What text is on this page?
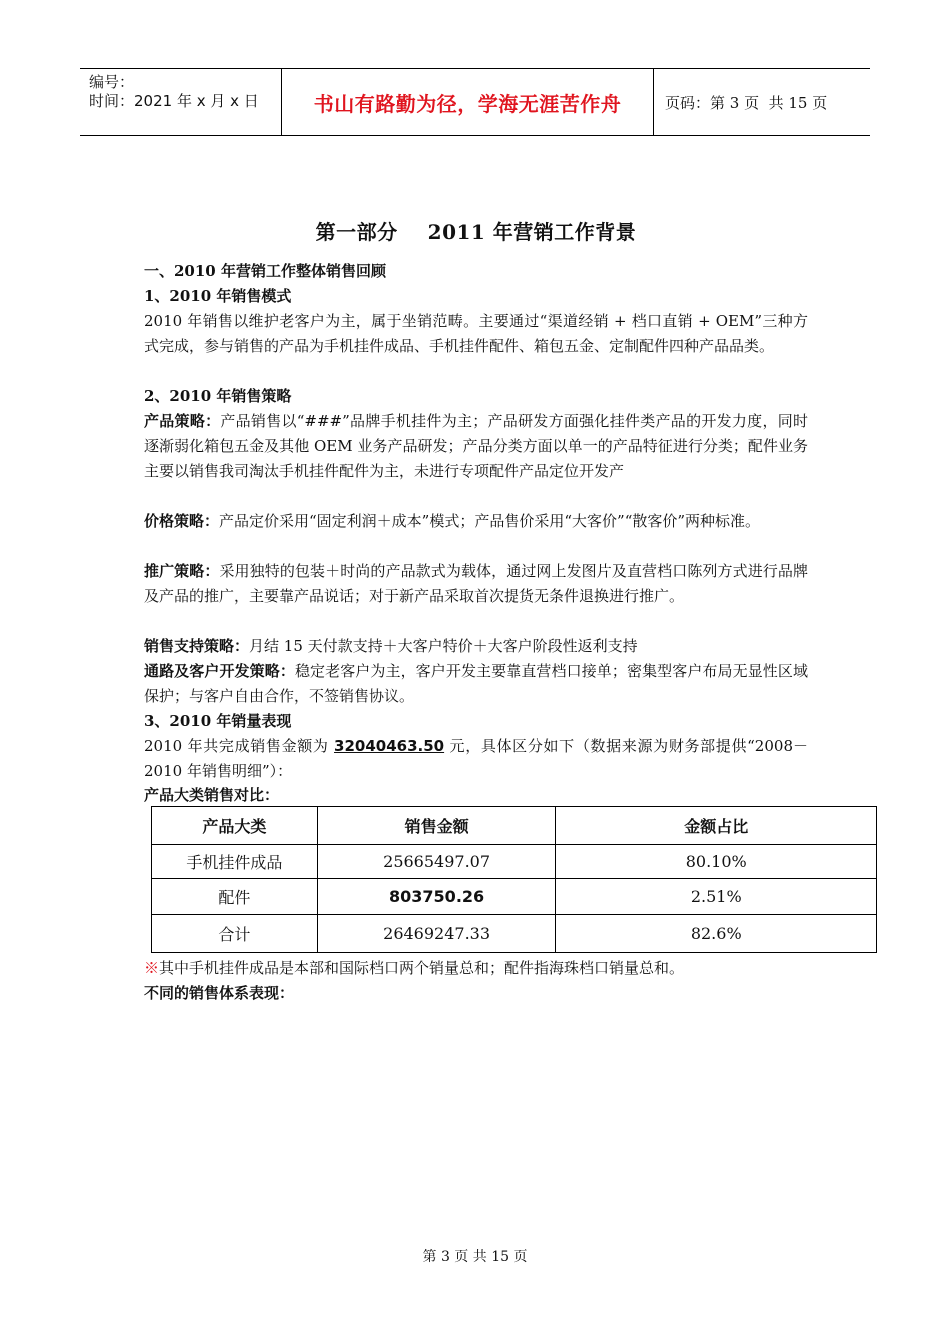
编号：
时间：2021 年 x 月 x 日	书山有路勤为径，学海无涯苦作舟	页码：第 3 页  共 15 页
第一部分 2011 年营销工作背景
一、2010 年营销工作整体销售回顾
1、2010 年销售模式
2010 年销售以维护老客户为主，属于坐销范畴。主要通过“渠道经销 + 档口直销 + OEM”三种方式完成，参与销售的产品为手机挂件成品、手机挂件配件、箱包五金、定制配件四种产品品类。
2、2010 年销售策略
产品策略：产品销售以“###”品牌手机挂件为主；产品研发方面强化挂件类产品的开发力度，同时逐渐弱化箱包五金及其他 OEM 业务产品研发；产品分类方面以单一的产品特征进行分类；配件业务主要以销售我司淘汰手机挂件配件为主，未进行专项配件产品定位开发产
价格策略：产品定价采用“固定利润＋成本”模式；产品售价采用“大客价”“散客价”两种标准。
推广策略：采用独特的包装＋时尚的产品款式为载体，通过网上发图片及直营档口陈列方式进行品牌及产品的推广，主要靠产品说话；对于新产品采取首次提货无条件退换进行推广。
销售支持策略：月结 15 天付款支持＋大客户特价＋大客户阶段性返利支持
通路及客户开发策略：稳定老客户为主，客户开发主要靠直营档口接单；密集型客户布局无显性区域保护；与客户自由合作，不签销售协议。
3、2010 年销量表现
2010 年共完成销售金额为 32040463.50 元，具体区分如下（数据来源为财务部提供“2008－2010 年销售明细”）：
产品大类销售对比：
产品大类	销售金额	金额占比
手机挂件成品	25665497.07	80.10%
配件	803750.26	2.51%
合计	26469247.33	82.6%
※其中手机挂件成品是本部和国际档口两个销量总和；配件指海珠档口销量总和。
不同的销售体系表现：
第 3 页 共 15 页
